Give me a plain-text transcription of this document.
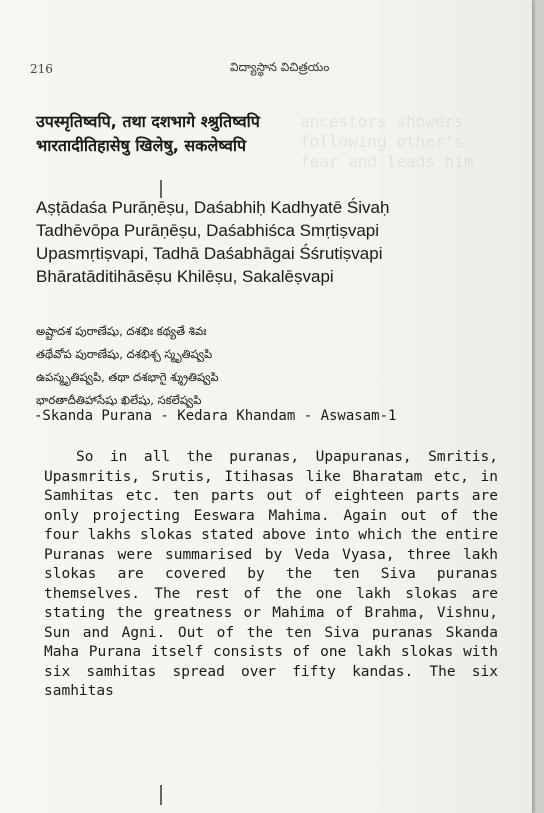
ancestors showers
following other's
fear and leads him
216	విద్యాస్థాన విచిత్రయం
उपस्मृतिष्वपि, तथा दशभागे श्श्रुतिष्वपि
भारतादीतिहासेषु खिलेषु, सकलेष्वपि
Aṣṭādaśa Purāṇēṣu, Daśabhiḥ Kadhyatē Śivaḥ
Tadhēvōpa Purāṇēṣu, Daśabhiśca Smṛtiṣvapi
Upasmṛtiṣvapi, Tadhā Daśabhāgai Śśrutiṣvapi
Bhāratāditihāsēṣu Khilēṣu, Sakalēṣvapi
అష్టాదశ పురాణేషు, దశభిః కథ్యతే శివః
తథేవోప పురాణేషు, దశభిశ్చ స్మృతిష్వపి
ఉపస్మృతిష్వపి, తథా దశభాగై శ్శ్రుతిష్వపి
భారతాదీతిహాసేషు ఖిలేషు, సకలేష్వపి
-Skanda Purana - Kedara Khandam - Aswasam-1
So in all the puranas, Upapuranas, Smritis, Upasmritis, Srutis, Itihasas like Bharatam etc, in Samhitas etc. ten parts out of eighteen parts are only projecting Eeswara Mahima. Again out of the four lakhs slokas stated above into which the entire Puranas were summarised by Veda Vyasa, three lakh slokas are covered by the ten Siva puranas themselves. The rest of the one lakh slokas are stating the greatness or Mahima of Brahma, Vishnu, Sun and Agni. Out of the ten Siva puranas Skanda Maha Purana itself consists of one lakh slokas with six samhitas spread over fifty kandas. The six samhitas
